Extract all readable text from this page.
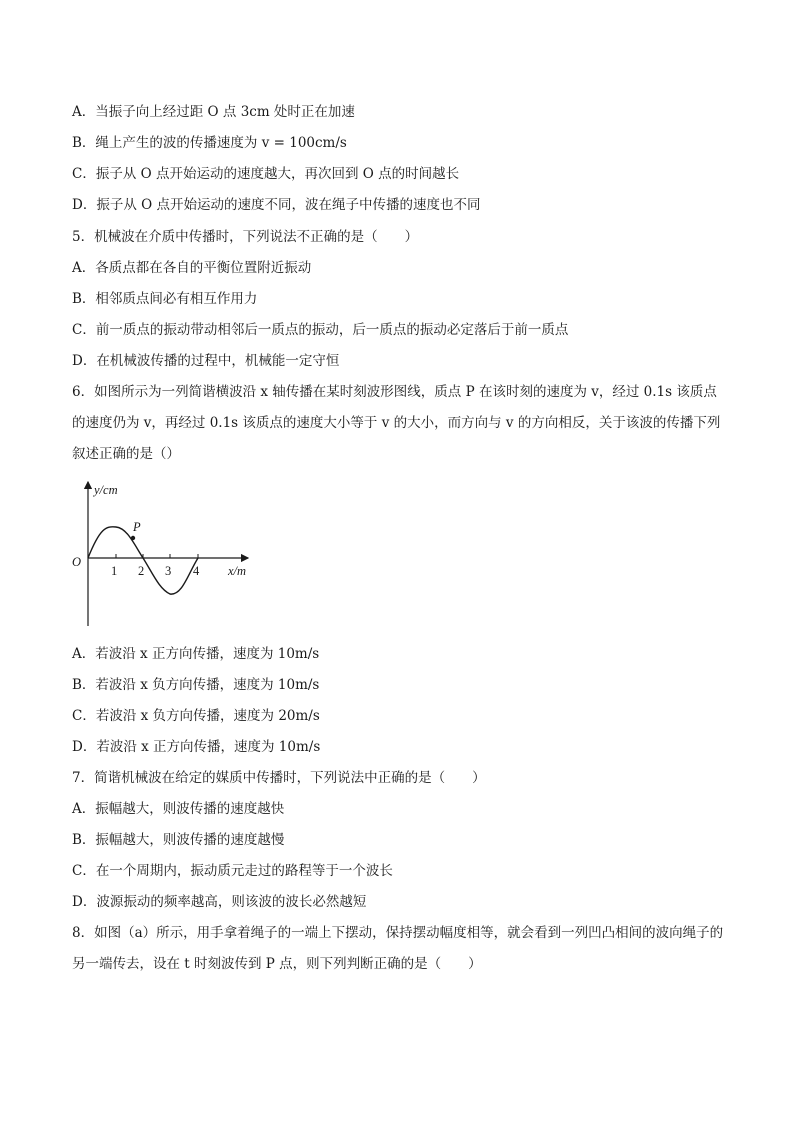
A．当振子向上经过距 O 点 3cm 处时正在加速
B．绳上产生的波的传播速度为 v = 100cm/s
C．振子从 O 点开始运动的速度越大，再次回到 O 点的时间越长
D．振子从 O 点开始运动的速度不同，波在绳子中传播的速度也不同
5．机械波在介质中传播时，下列说法不正确的是（　　）
A．各质点都在各自的平衡位置附近振动
B．相邻质点间必有相互作用力
C．前一质点的振动带动相邻后一质点的振动，后一质点的振动必定落后于前一质点
D．在机械波传播的过程中，机械能一定守恒
6．如图所示为一列简谐横波沿 x 轴传播在某时刻波形图线，质点 P 在该时刻的速度为 v，经过 0.1s 该质点的速度仍为 v，再经过 0.1s 该质点的速度大小等于 v 的大小，而方向与 v 的方向相反，关于该波的传播下列叙述正确的是（）
y/cm
O
P
1 2 3 4 x/m
A．若波沿 x 正方向传播，速度为 10m/s
B．若波沿 x 负方向传播，速度为 10m/s
C．若波沿 x 负方向传播，速度为 20m/s
D．若波沿 x 正方向传播，速度为 10m/s
7．简谐机械波在给定的媒质中传播时，下列说法中正确的是（　　）
A．振幅越大，则波传播的速度越快
B．振幅越大，则波传播的速度越慢
C．在一个周期内，振动质元走过的路程等于一个波长
D．波源振动的频率越高，则该波的波长必然越短
8．如图（a）所示，用手拿着绳子的一端上下摆动，保持摆动幅度相等，就会看到一列凹凸相间的波向绳子的另一端传去，设在 t 时刻波传到 P 点，则下列判断正确的是（　　）
